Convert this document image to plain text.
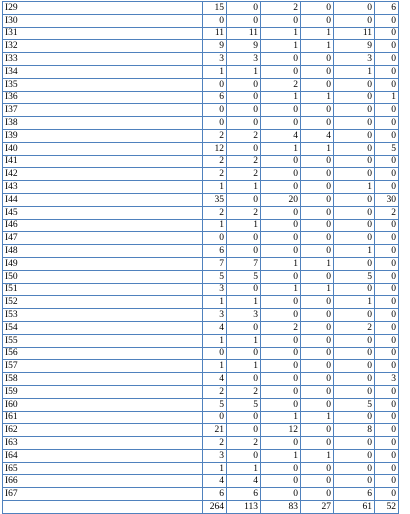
I29	15	0	2	0	0	6
I30	0	0	0	0	0	0
I31	11	11	1	1	11	0
I32	9	9	1	1	9	0
I33	3	3	0	0	3	0
I34	1	1	0	0	1	0
I35	0	0	2	0	0	0
I36	6	0	1	1	0	1
I37	0	0	0	0	0	0
I38	0	0	0	0	0	0
I39	2	2	4	4	0	0
I40	12	0	1	1	0	5
I41	2	2	0	0	0	0
I42	2	2	0	0	0	0
I43	1	1	0	0	1	0
I44	35	0	20	0	0	30
I45	2	2	0	0	0	2
I46	1	1	0	0	0	0
I47	0	0	0	0	0	0
I48	6	0	0	0	1	0
I49	7	7	1	1	0	0
I50	5	5	0	0	5	0
I51	3	0	1	1	0	0
I52	1	1	0	0	1	0
I53	3	3	0	0	0	0
I54	4	0	2	0	2	0
I55	1	1	0	0	0	0
I56	0	0	0	0	0	0
I57	1	1	0	0	0	0
I58	4	0	0	0	0	3
I59	2	2	0	0	0	0
I60	5	5	0	0	5	0
I61	0	0	1	1	0	0
I62	21	0	12	0	8	0
I63	2	2	0	0	0	0
I64	3	0	1	1	0	0
I65	1	1	0	0	0	0
I66	4	4	0	0	0	0
I67	6	6	0	0	6	0
	264	113	83	27	61	52
